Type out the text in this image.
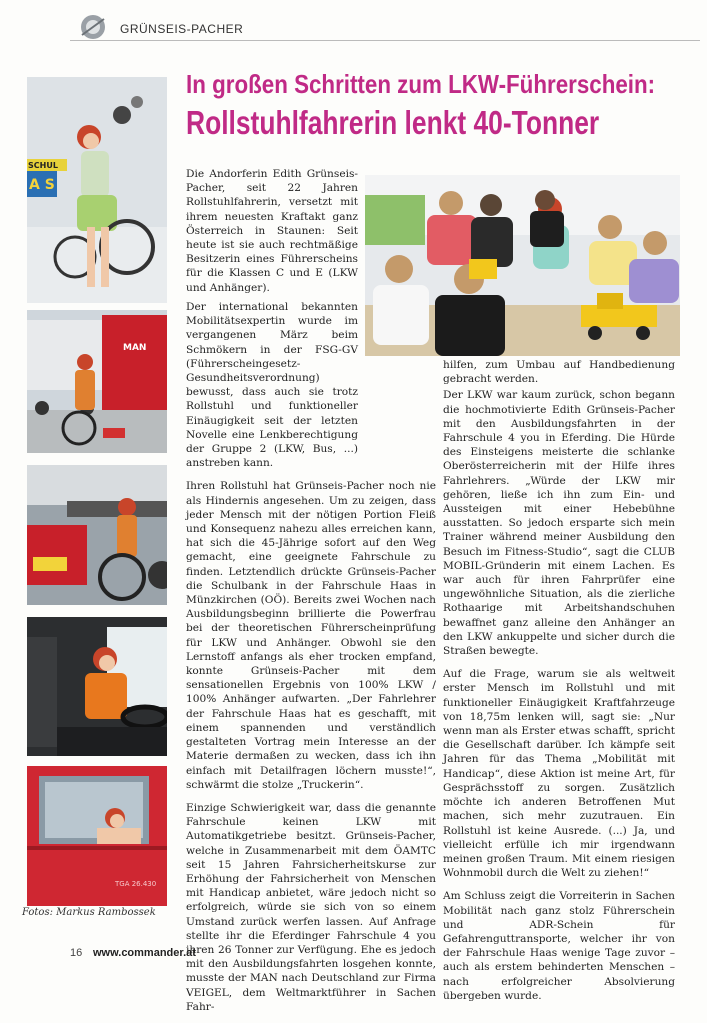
GRÜNSEIS-PACHER
In großen Schritten zum LKW-Führerschein:
Rollstuhlfahrerin lenkt 40-Tonner
SCHUL
A S
MAN
TGA 26.430
Fotos: Markus Rambossek

Die Andorferin Edith Grünseis-Pacher, seit 22 Jahren Rollstuhlfahrerin, versetzt mit ihrem neuesten Kraftakt ganz Österreich in Staunen: Seit heute ist sie auch rechtmäßige Besitzerin eines Führerscheins für die Klassen C und E (LKW und Anhänger).

Der international bekannten Mobilitätsexpertin wurde im vergangenen März beim Schmökern in der FSG-GV (Führerscheingesetz-Gesundheitsverordnung) bewusst, dass auch sie trotz Rollstuhl und funktioneller Einäugigkeit seit der letzten Novelle eine Lenkberechtigung der Gruppe 2 (LKW, Bus, ...) anstreben kann.

Ihren Rollstuhl hat Grünseis-Pacher noch nie als Hindernis angesehen. Um zu zeigen, dass jeder Mensch mit der nötigen Portion Fleiß und Konsequenz nahezu alles erreichen kann, hat sich die 45-Jährige sofort auf den Weg gemacht, eine geeignete Fahrschule zu finden. Letztendlich drückte Grünseis-Pacher die Schulbank in der Fahrschule Haas in Münzkirchen (OÖ). Bereits zwei Wochen nach Ausbildungsbeginn brillierte die Powerfrau bei der theoretischen Führerscheinprüfung für LKW und Anhänger. Obwohl sie den Lernstoff anfangs als eher trocken empfand, konnte Grünseis-Pacher mit dem sensationellen Ergebnis von 100% LKW / 100% Anhänger aufwarten. „Der Fahrlehrer der Fahrschule Haas hat es geschafft, mit einem spannenden und verständlich gestalteten Vortrag mein Interesse an der Materie dermaßen zu wecken, dass ich ihn einfach mit Detailfragen löchern musste!“, schwärmt die stolze „Truckerin“.

Einzige Schwierigkeit war, dass die genannte Fahrschule keinen LKW mit Automatikgetriebe besitzt. Grünseis-Pacher, welche in Zusammenarbeit mit dem ÖAMTC seit 15 Jahren Fahrsicherheitskurse zur Erhöhung der Fahrsicherheit von Menschen mit Handicap anbietet, wäre jedoch nicht so erfolgreich, würde sie sich von so einem Umstand zurück werfen lassen. Auf Anfrage stellte ihr die Eferdinger Fahrschule 4 you ihren 26 Tonner zur Verfügung. Ehe es jedoch mit den Ausbildungsfahrten losgehen konnte, musste der MAN nach Deutschland zur Firma VEIGEL, dem Weltmarktführer in Sachen Fahr-

hilfen, zum Umbau auf Handbedienung gebracht werden.

Der LKW war kaum zurück, schon begann die hochmotivierte Edith Grünseis-Pacher mit den Ausbildungsfahrten in der Fahrschule 4 you in Eferding. Die Hürde des Einsteigens meisterte die schlanke Oberösterreicherin mit der Hilfe ihres Fahrlehrers. „Würde der LKW mir gehören, ließe ich ihn zum Ein- und Aussteigen mit einer Hebebühne ausstatten. So jedoch ersparte sich mein Trainer während meiner Ausbildung den Besuch im Fitness-Studio“, sagt die CLUB MOBIL-Gründerin mit einem Lachen. Es war auch für ihren Fahrprüfer eine ungewöhnliche Situation, als die zierliche Rothaarige mit Arbeitshandschuhen bewaffnet ganz alleine den Anhänger an den LKW ankuppelte und sicher durch die Straßen bewegte.

Auf die Frage, warum sie als weltweit erster Mensch im Rollstuhl und mit funktioneller Einäugigkeit Kraftfahrzeuge von 18,75m lenken will, sagt sie: „Nur wenn man als Erster etwas schafft, spricht die Gesellschaft darüber. Ich kämpfe seit Jahren für das Thema „Mobilität mit Handicap“, diese Aktion ist meine Art, für Gesprächsstoff zu sorgen. Zusätzlich möchte ich anderen Betroffenen Mut machen, sich mehr zuzutrauen. Ein Rollstuhl ist keine Ausrede. (...) Ja, und vielleicht erfülle ich mir irgendwann meinen großen Traum. Mit einem riesigen Wohnmobil durch die Welt zu ziehen!“

Am Schluss zeigt die Vorreiterin in Sachen Mobilität nach ganz stolz Führerschein und ADR-Schein für Gefahrenguttransporte, welcher ihr von der Fahrschule Haas wenige Tage zuvor – auch als erstem behinderten Menschen – nach erfolgreicher Absolvierung übergeben wurde.

16 www.commander.at
